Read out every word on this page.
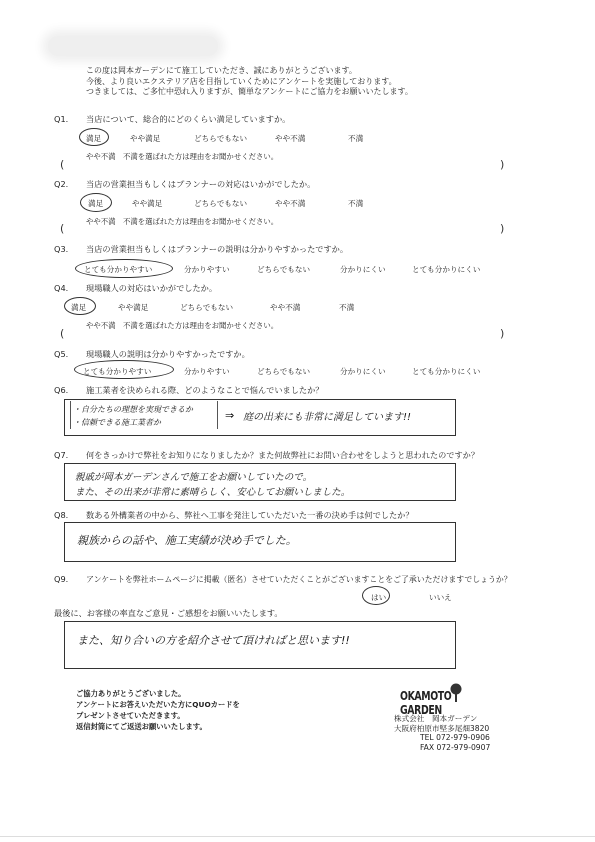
この度は岡本ガーデンにて施工していただき、誠にありがとうございます。
今後、より良いエクステリア店を目指していくためにアンケートを実施しております。
つきましては、ご多忙中恐れ入りますが、簡単なアンケートにご協力をお願いいたします。
Q1. 当店について、総合的にどのくらい満足していますか。
満足	やや満足	どちらでもない	やや不満	不満
やや不満　不満を選ばれた方は理由をお聞かせください。
(	)
Q2. 当店の営業担当もしくはプランナーの対応はいかがでしたか。
満足	やや満足	どちらでもない	やや不満	不満
やや不満　不満を選ばれた方は理由をお聞かせください。
(	)
Q3. 当店の営業担当もしくはプランナーの説明は分かりやすかったですか。
とても分かりやすい	分かりやすい	どちらでもない	分かりにくい	とても分かりにくい
Q4. 現場職人の対応はいかがでしたか。
満足	やや満足	どちらでもない	やや不満	不満
やや不満　不満を選ばれた方は理由をお聞かせください。
(	)
Q5. 現場職人の説明は分かりやすかったですか。
とても分かりやすい	分かりやすい	どちらでもない	分かりにくい	とても分かりにくい
Q6. 施工業者を決められる際、どのようなことで悩んでいましたか？
・自分たちの理想を実現できるか
・信頼できる施工業者か
⇒ 庭の出来にも非常に満足しています!!
Q7. 何をきっかけで弊社をお知りになりましたか？また何故弊社にお問い合わせをしようと思われたのですか？
親戚が岡本ガーデンさんで施工をお願いしていたので。
また、その出来が非常に素晴らしく、安心してお願いしました。
Q8. 数ある外構業者の中から、弊社へ工事を発注していただいた一番の決め手は何でしたか？
親族からの話や、施工実績が決め手でした。
Q9. アンケートを弊社ホームページに掲載（匿名）させていただくことがございますことをご了承いただけますでしょうか？
はい	いいえ
最後に、お客様の率直なご意見・ご感想をお願いいたします。
また、知り合いの方を紹介させて頂ければと思います!!
ご協力ありがとうございました。
アンケートにお答えいただいた方にQUOカードを
プレゼントさせていただきます。
返信封筒にてご返送お願いいたします。
OKAMOTO GARDEN
株式会社　岡本ガーデン
大阪府柏原市堅多尾畑3820
TEL 072-979-0906
FAX 072-979-0907
